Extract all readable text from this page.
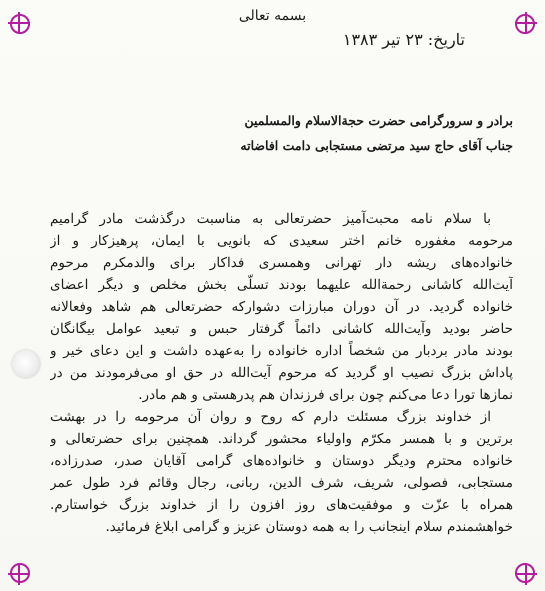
بسمه تعالی
تاریخ: ۲۳ تیر ۱۳۸۳
برادر و سرورگرامی حضرت حجةالاسلام والمسلمین
جناب آقای حاج سید مرتضی مستجابی دامت افاضاته
با سلام نامه محبت‌آمیز حضرتعالی به مناسبت درگذشت مادر گرامیم
مرحومه مغفوره خانم اختر سعیدی که بانویی با ایمان، پرهیزکار و از
خانواده‌های ریشه دار تهرانی وهمسری فداکار برای والدمکرم مرحوم
آیت‌الله کاشانی رحمةالله علیهما بودند تسلّی بخش مخلص و دیگر اعضای
خانواده گردید. در آن دوران مبارزات دشوارکه حضرتعالی هم شاهد وفعالانه
حاضر بودید وآیت‌الله کاشانی دائماً گرفتار حبس و تبعید عوامل بیگانگان
بودند مادر بردبار من شخصاً اداره خانواده را به‌عهده داشت و این دعای خیر و
پاداش بزرگ نصیب او گردید که مرحوم آیت‌الله در حق او می‌فرمودند من در
نمازها تورا دعا می‌کنم چون برای فرزندان هم پدرهستی و هم مادر.
از خداوند بزرگ مسئلت دارم که روح و روان آن مرحومه را در بهشت
برترین و با همسر مکرّم واولیاء محشور گرداند. همچنین برای حضرتعالی و
خانواده محترم ودیگر دوستان و خانواده‌های گرامی آقایان صدر، صدرزاده،
مستجابی، فصولی، شریف، شرف الدین، ربانی، رجال وقائم فرد طول عمر
همراه با عزّت و موفقیت‌های روز افزون را از خداوند بزرگ خواستارم.
خواهشمندم سلام اینجانب را به همه دوستان عزیز و گرامی ابلاغ فرمائید.
